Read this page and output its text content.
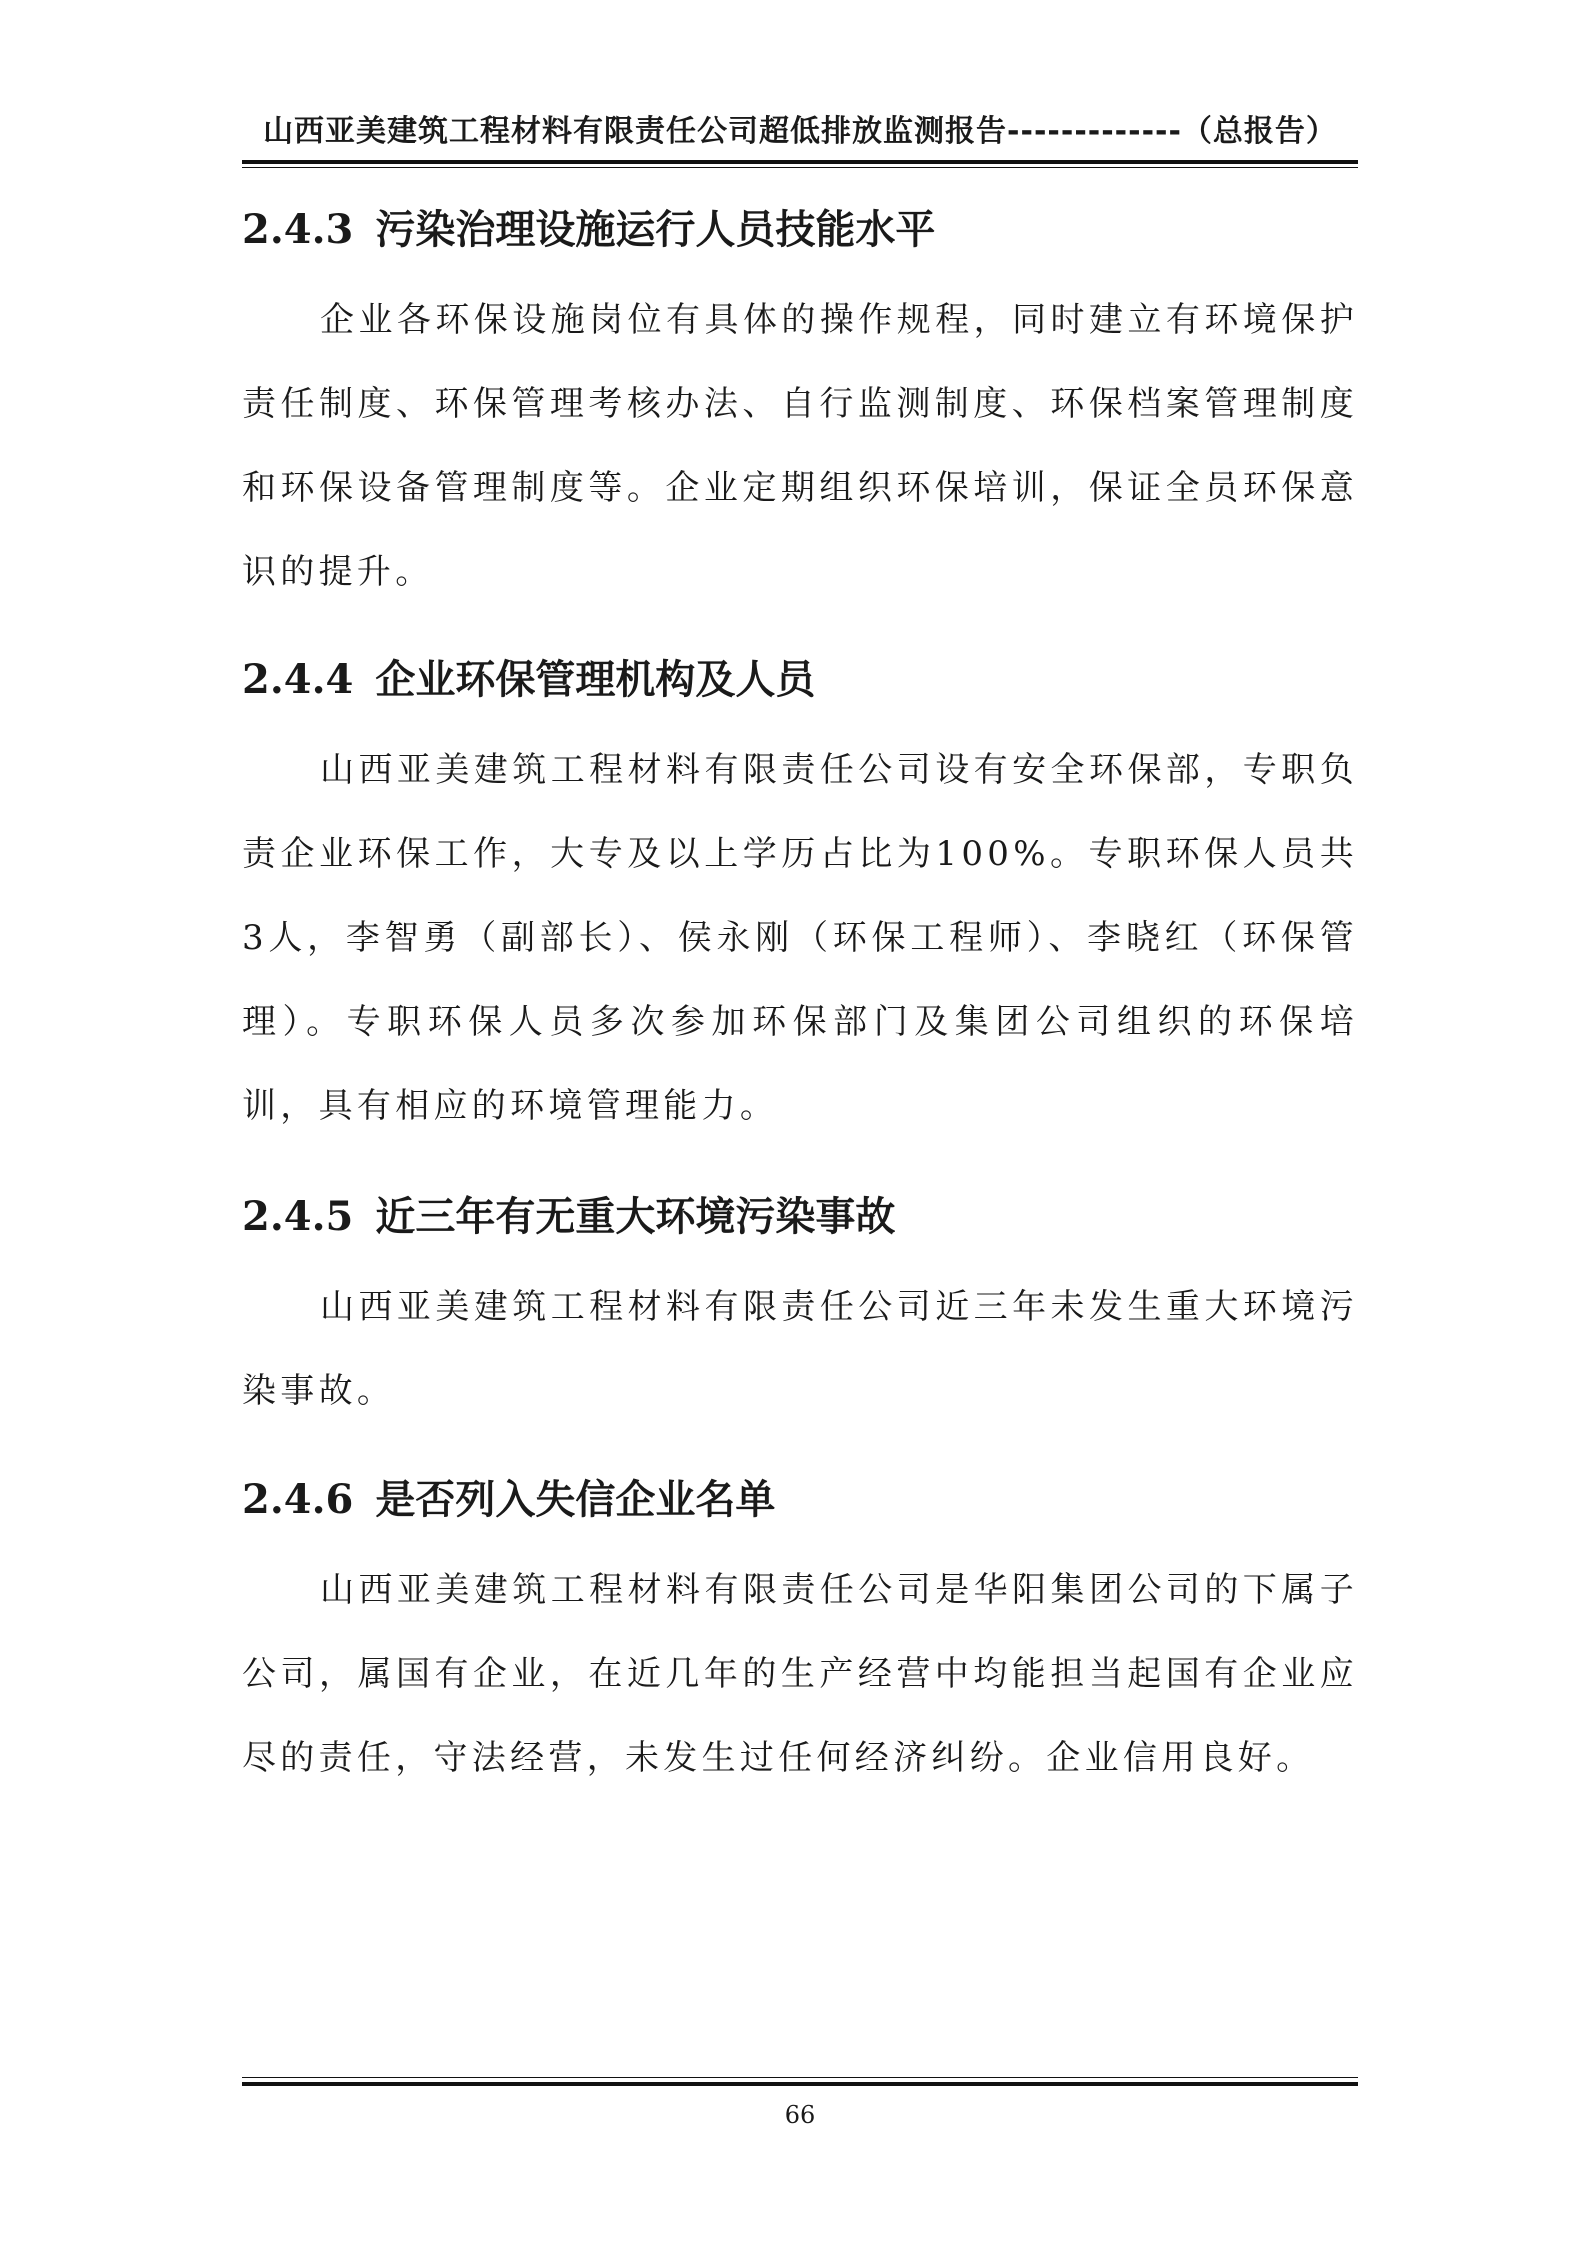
山西亚美建筑工程材料有限责任公司超低排放监测报告-------------（总报告）
2.4.3 污染治理设施运行人员技能水平
企业各环保设施岗位有具体的操作规程，同时建立有环境保护责任制度、环保管理考核办法、自行监测制度、环保档案管理制度和环保设备管理制度等。企业定期组织环保培训，保证全员环保意识的提升。
2.4.4 企业环保管理机构及人员
山西亚美建筑工程材料有限责任公司设有安全环保部，专职负责企业环保工作，大专及以上学历占比为100%。专职环保人员共3人，李智勇（副部长）、侯永刚（环保工程师）、李晓红（环保管理）。专职环保人员多次参加环保部门及集团公司组织的环保培训，具有相应的环境管理能力。
2.4.5 近三年有无重大环境污染事故
山西亚美建筑工程材料有限责任公司近三年未发生重大环境污染事故。
2.4.6 是否列入失信企业名单
山西亚美建筑工程材料有限责任公司是华阳集团公司的下属子公司，属国有企业，在近几年的生产经营中均能担当起国有企业应尽的责任，守法经营，未发生过任何经济纠纷。企业信用良好。
66
